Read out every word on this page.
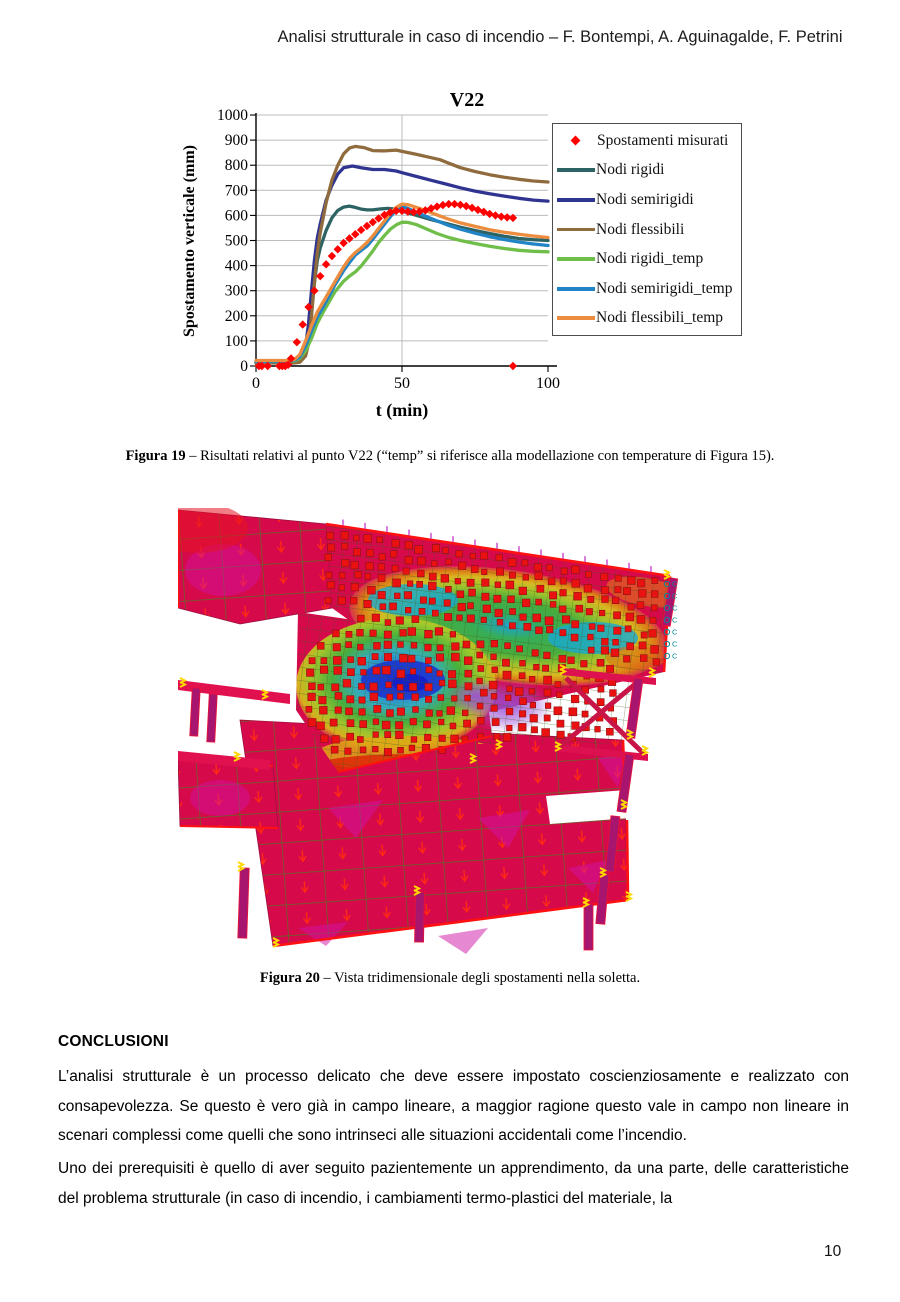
Analisi strutturale in caso di incendio – F. Bontempi, A. Aguinagalde, F. Petrini
0
100
200
300
400
500
600
700
800
900
1000
0	50	100
V22
Spostamento verticale (mm)
t (min)
Spostamenti misurati
Nodi rigidi
Nodi semirigidi
Nodi flessibili
Nodi rigidi_temp
Nodi semirigidi_temp
Nodi flessibili_temp
Figura 19 – Risultati relativi al punto V22 (“temp” si riferisce alla modellazione con temperature di Figura 15).
C
C
C
C
C
C
C
Figura 20 – Vista tridimensionale degli spostamenti nella soletta.
CONCLUSIONI

L’analisi strutturale è un processo delicato che deve essere impostato coscienziosamente e realizzato con consapevolezza. Se questo è vero già in campo lineare, a maggior ragione questo vale in campo non lineare in scenari complessi come quelli che sono intrinseci alle situazioni accidentali come l’incendio.

Uno dei prerequisiti è quello di aver seguito pazientemente un apprendimento, da una parte, delle caratteristiche del problema strutturale (in caso di incendio, i cambiamenti termo-plastici del materiale, la

10
